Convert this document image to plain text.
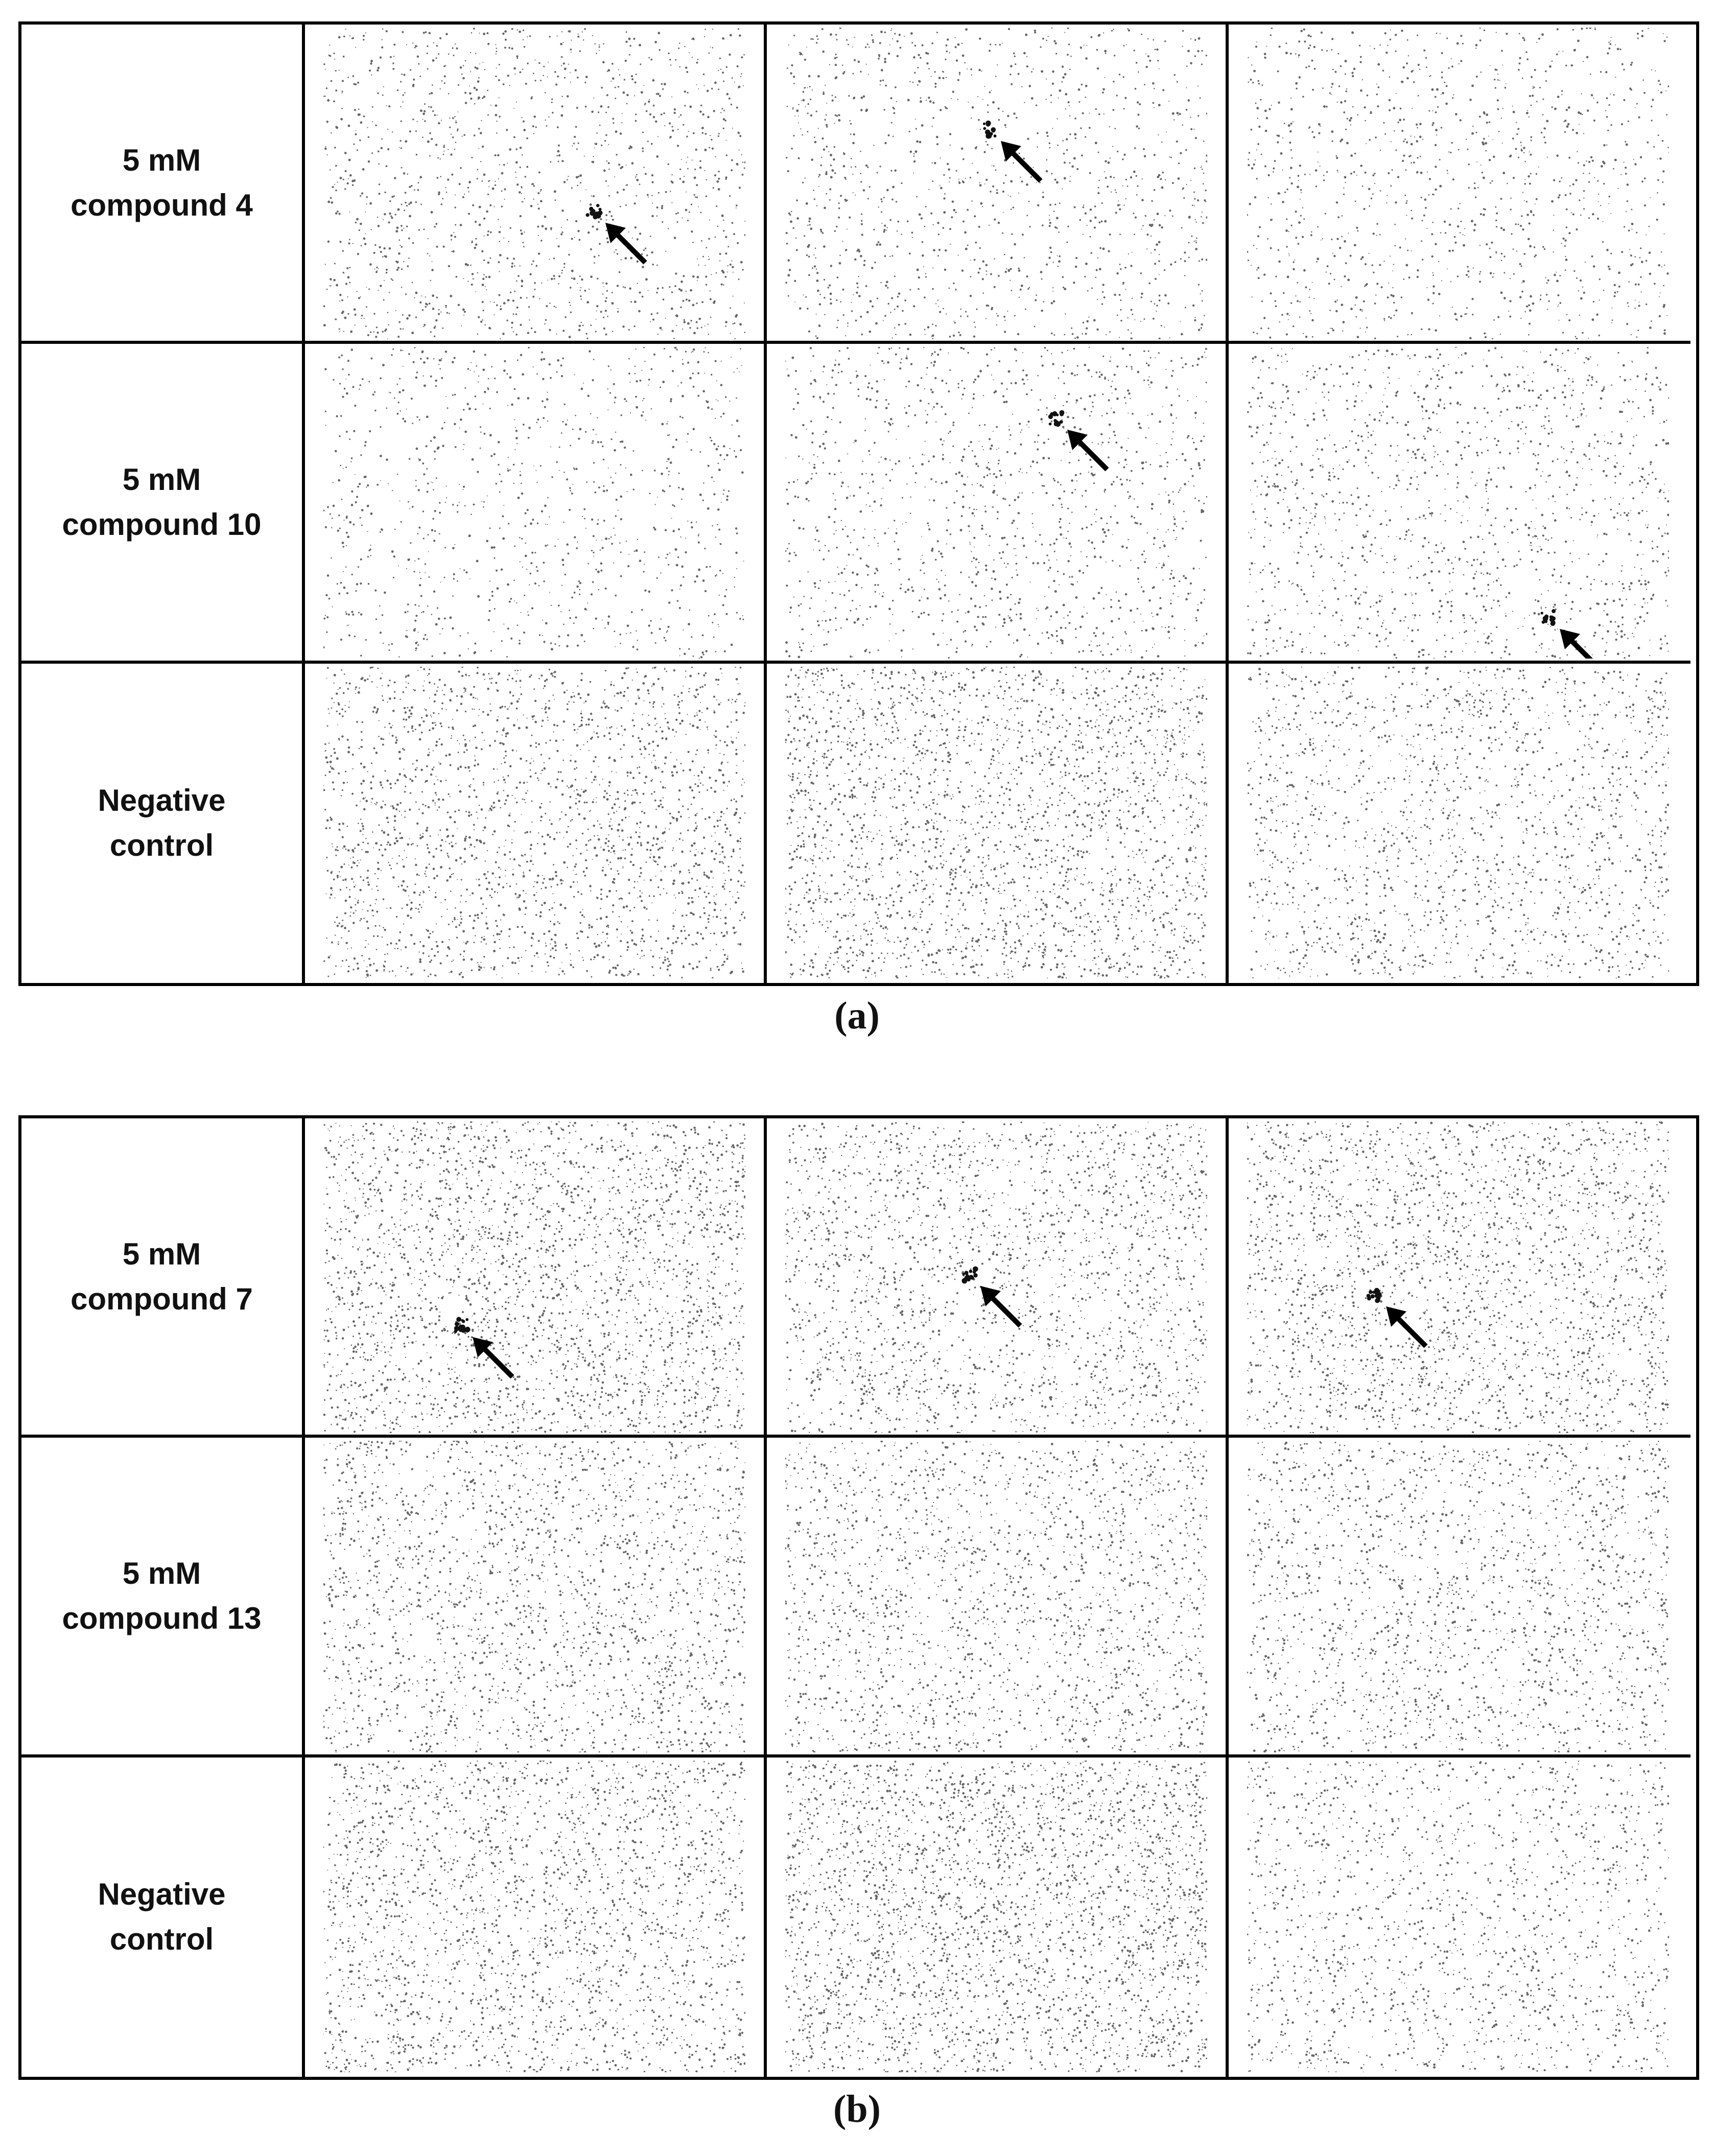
5 mM
compound 4
5 mM
compound 10
Negative
control
(a)
5 mM
compound 7
5 mM
compound 13
Negative
control
(b)
